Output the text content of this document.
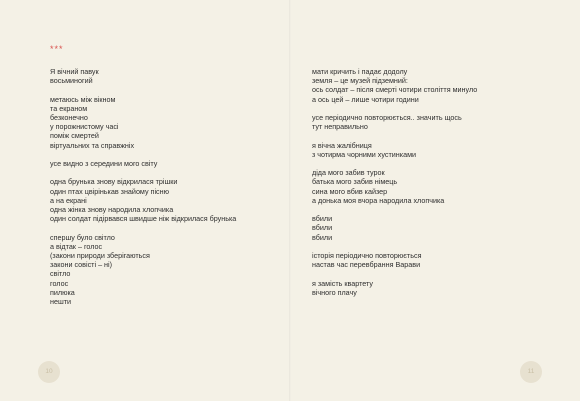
***
Я вічний павук
восьминогий
метаюсь між вікном
та екраном
безконечно
у порожнистому часі
поміж смертей
віртуальних та справжніх
усе видно з середини мого світу
одна брунька знову відкрилася трішки
один птах цвірінькав знайому пісню
а на екрані
одна жінка знову народила хлопчика
один солдат підірвався швидше ніж відкрилася брунька
спершу було світло
а відтак – голос
(закони природи зберігаються
закони совісті – ні)
світло
голос
пилюка
нешти
10
мати кричить і падає додолу
земля – це музей підземний:
ось солдат – після смерті чотири століття минуло
а ось цей – лише чотири години
усе періодично повторюється.. значить щось
тут неправильно
я вічна жалібниця
з чотирма чорними хустинками
діда мого забив турок
батька мого забив німець
сина мого вбив кайзер
а донька моя вчора народила хлопчика
вбили
вбили
вбили
історія періодично повторюється
настав час перевбрання Варави
я замість квартету
вічного плачу
11
